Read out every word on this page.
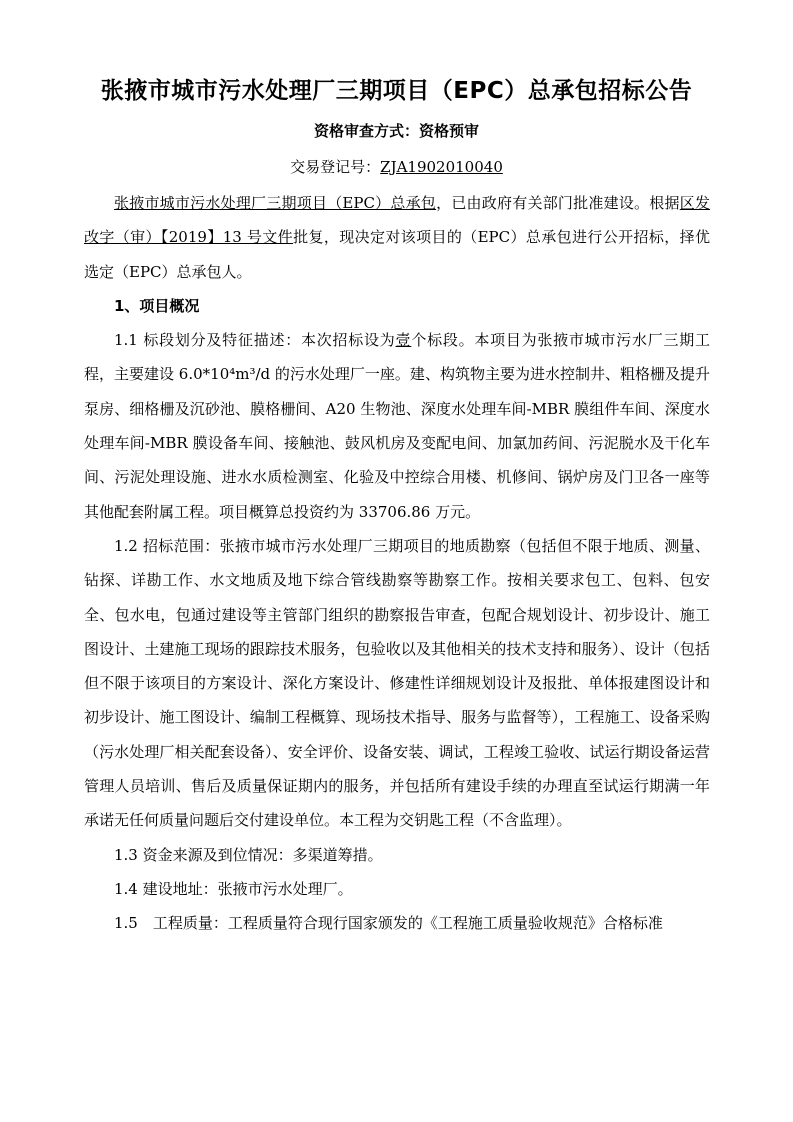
张掖市城市污水处理厂三期项目（EPC）总承包招标公告
资格审查方式：资格预审
交易登记号：ZJA1902010040

张掖市城市污水处理厂三期项目（EPC）总承包，已由政府有关部门批准建设。根据区发改字（审）【2019】13 号文件批复，现决定对该项目的（EPC）总承包进行公开招标，择优选定（EPC）总承包人。

1、项目概况

1.1 标段划分及特征描述：本次招标设为壹个标段。本项目为张掖市城市污水厂三期工程，主要建设 6.0*10⁴m³/d 的污水处理厂一座。建、构筑物主要为进水控制井、粗格栅及提升泵房、细格栅及沉砂池、膜格栅间、A20 生物池、深度水处理车间-MBR 膜组件车间、深度水处理车间-MBR 膜设备车间、接触池、鼓风机房及变配电间、加氯加药间、污泥脱水及干化车间、污泥处理设施、进水水质检测室、化验及中控综合用楼、机修间、锅炉房及门卫各一座等其他配套附属工程。项目概算总投资约为 33706.86 万元。

1.2 招标范围：张掖市城市污水处理厂三期项目的地质勘察（包括但不限于地质、测量、钻探、详勘工作、水文地质及地下综合管线勘察等勘察工作。按相关要求包工、包料、包安全、包水电，包通过建设等主管部门组织的勘察报告审查，包配合规划设计、初步设计、施工图设计、土建施工现场的跟踪技术服务，包验收以及其他相关的技术支持和服务）、设计（包括但不限于该项目的方案设计、深化方案设计、修建性详细规划设计及报批、单体报建图设计和初步设计、施工图设计、编制工程概算、现场技术指导、服务与监督等），工程施工、设备采购（污水处理厂相关配套设备）、安全评价、设备安装、调试，工程竣工验收、试运行期设备运营管理人员培训、售后及质量保证期内的服务，并包括所有建设手续的办理直至试运行期满一年承诺无任何质量问题后交付建设单位。本工程为交钥匙工程（不含监理）。

1.3 资金来源及到位情况：多渠道筹措。

1.4 建设地址：张掖市污水处理厂。

1.5　工程质量：工程质量符合现行国家颁发的《工程施工质量验收规范》合格标准
